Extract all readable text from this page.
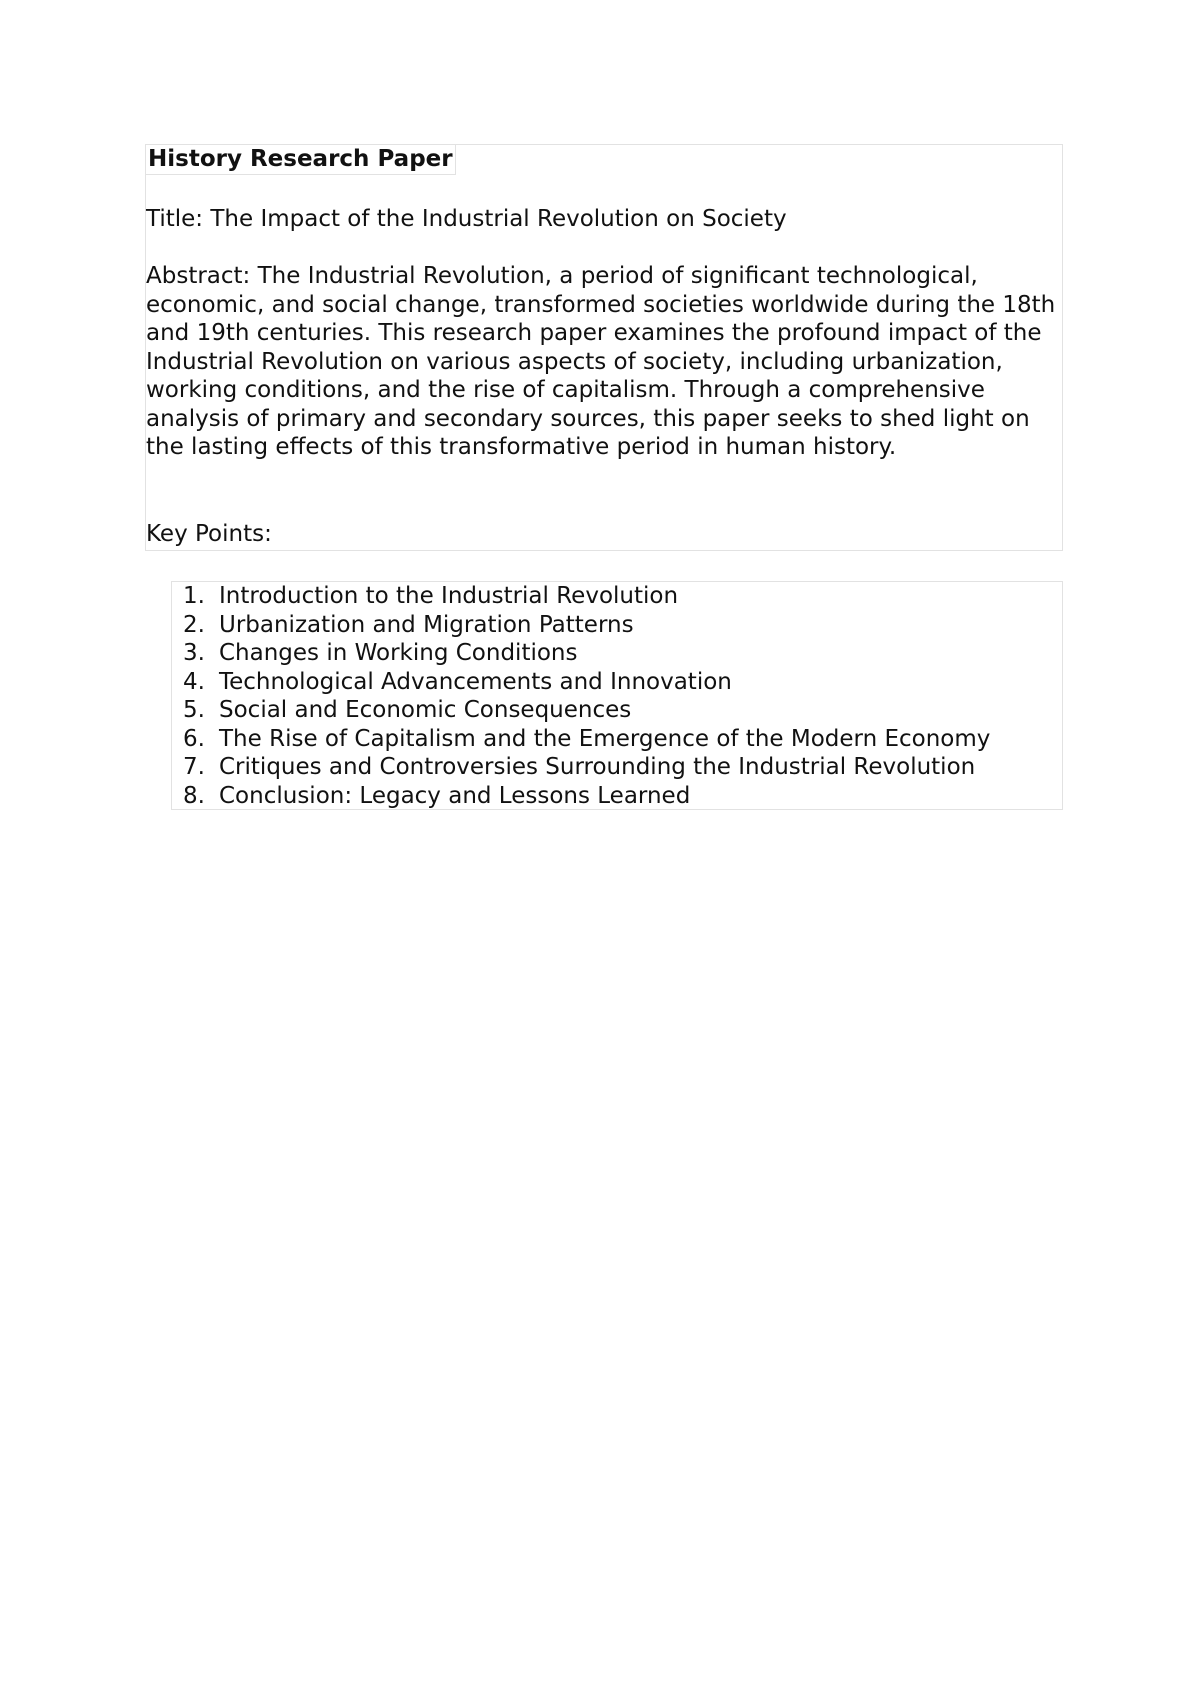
History Research Paper
Title: The Impact of the Industrial Revolution on Society

Abstract: The Industrial Revolution, a period of significant technological, economic, and social change, transformed societies worldwide during the 18th and 19th centuries. This research paper examines the profound impact of the Industrial Revolution on various aspects of society, including urbanization, working conditions, and the rise of capitalism. Through a comprehensive analysis of primary and secondary sources, this paper seeks to shed light on the lasting effects of this transformative period in human history.

Key Points:
1. Introduction to the Industrial Revolution
2. Urbanization and Migration Patterns
3. Changes in Working Conditions
4. Technological Advancements and Innovation
5. Social and Economic Consequences
6. The Rise of Capitalism and the Emergence of the Modern Economy
7. Critiques and Controversies Surrounding the Industrial Revolution
8. Conclusion: Legacy and Lessons Learned
